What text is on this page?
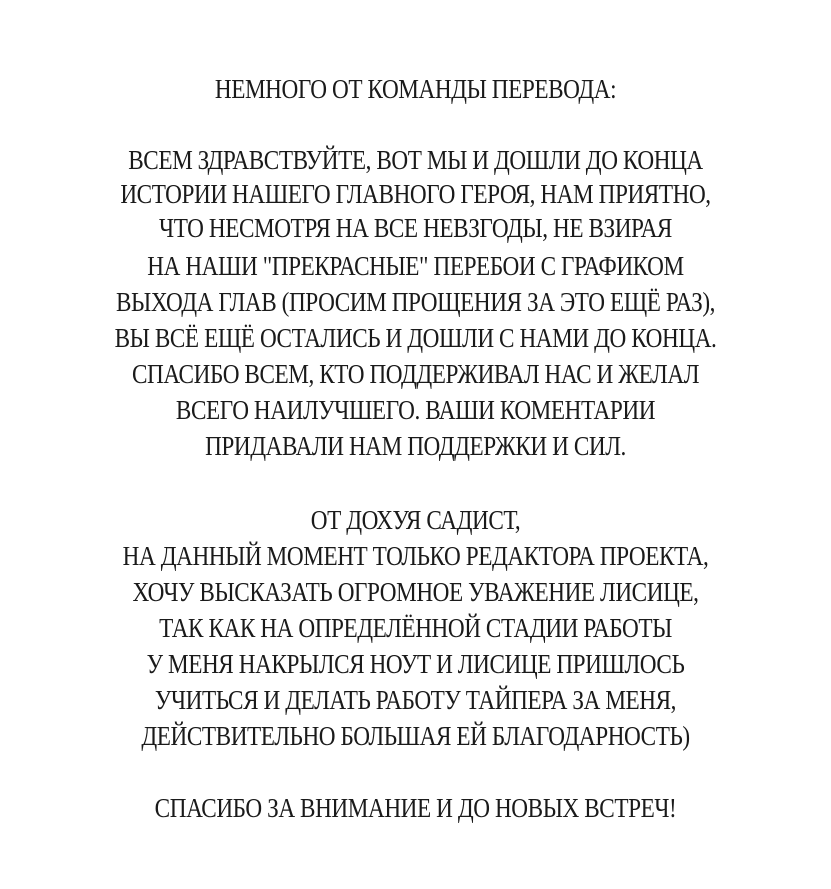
НЕМНОГО ОТ КОМАНДЫ ПЕРЕВОДА:
ВСЕМ ЗДРАВСТВУЙТЕ, ВОТ МЫ И ДОШЛИ ДО КОНЦА
ИСТОРИИ НАШЕГО ГЛАВНОГО ГЕРОЯ, НАМ ПРИЯТНО,
ЧТО НЕСМОТРЯ НА ВСЕ НЕВЗГОДЫ, НЕ ВЗИРАЯ
НА НАШИ "ПРЕКРАСНЫЕ" ПЕРЕБОИ С ГРАФИКОМ
ВЫХОДА ГЛАВ (ПРОСИМ ПРОЩЕНИЯ ЗА ЭТО ЕЩЁ РАЗ),
ВЫ ВСЁ ЕЩЁ ОСТАЛИСЬ И ДОШЛИ С НАМИ ДО КОНЦА.
СПАСИБО ВСЕМ, КТО ПОДДЕРЖИВАЛ НАС И ЖЕЛАЛ
ВСЕГО НАИЛУЧШЕГО. ВАШИ КОМЕНТАРИИ
ПРИДАВАЛИ НАМ ПОДДЕРЖКИ И СИЛ.
ОТ ДОХУЯ САДИСТ,
НА ДАННЫЙ МОМЕНТ ТОЛЬКО РЕДАКТОРА ПРОЕКТА,
ХОЧУ ВЫСКАЗАТЬ ОГРОМНОЕ УВАЖЕНИЕ ЛИСИЦЕ,
ТАК КАК НА ОПРЕДЕЛЁННОЙ СТАДИИ РАБОТЫ
У МЕНЯ НАКРЫЛСЯ НОУТ И ЛИСИЦЕ ПРИШЛОСЬ
УЧИТЬСЯ И ДЕЛАТЬ РАБОТУ ТАЙПЕРА ЗА МЕНЯ,
ДЕЙСТВИТЕЛЬНО БОЛЬШАЯ ЕЙ БЛАГОДАРНОСТЬ)
СПАСИБО ЗА ВНИМАНИЕ И ДО НОВЫХ ВСТРЕЧ!
